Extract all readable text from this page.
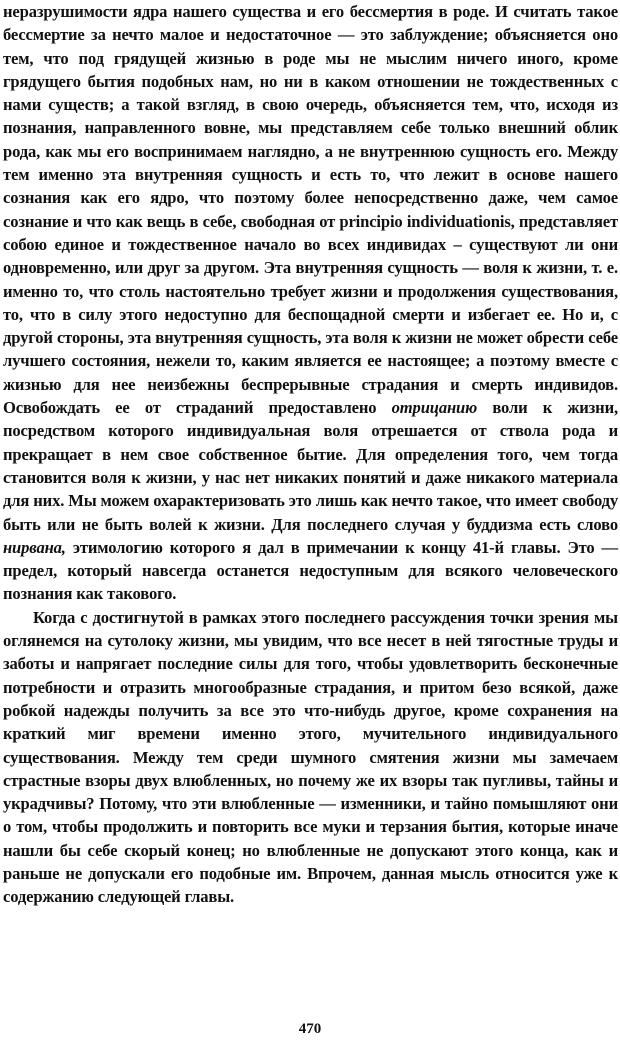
неразрушимости ядра нашего существа и его бессмертия в роде. И считать такое бессмертие за нечто малое и недостаточное — это заблуждение; объясняется оно тем, что под грядущей жизнью в роде мы не мыслим ничего иного, кроме грядущего бытия подобных нам, но ни в каком отношении не тождественных с нами существ; а такой взгляд, в свою очередь, объясняется тем, что, исходя из познания, направленного вовне, мы представляем себе только внешний облик рода, как мы его воспринимаем наглядно, а не внутреннюю сущность его. Между тем именно эта внутренняя сущность и есть то, что лежит в основе нашего сознания как его ядро, что поэтому более непосредственно даже, чем самое сознание и что как вещь в себе, свободная от principio individuationis, представляет собою единое и тождественное начало во всех индивидах – существуют ли они одновременно, или друг за другом. Эта внутренняя сущность — воля к жизни, т. е. именно то, что столь настоятельно требует жизни и продолжения существования, то, что в силу этого недоступно для беспощадной смерти и избегает ее. Но и, с другой стороны, эта внутренняя сущность, эта воля к жизни не может обрести себе лучшего состояния, нежели то, каким является ее настоящее; а поэтому вместе с жизнью для нее неизбежны беспрерывные страдания и смерть индивидов. Освобождать ее от страданий предоставлено отрицанию воли к жизни, посредством которого индивидуальная воля отрешается от ствола рода и прекращает в нем свое собственное бытие. Для определения того, чем тогда становится воля к жизни, у нас нет никаких понятий и даже никакого материала для них. Мы можем охарактеризовать это лишь как нечто такое, что имеет свободу быть или не быть волей к жизни. Для последнего случая у буддизма есть слово нирвана, этимологию которого я дал в примечании к концу 41-й главы. Это — предел, который навсегда останется недоступным для всякого человеческого познания как такового.

Когда с достигнутой в рамках этого последнего рассуждения точки зрения мы оглянемся на сутолоку жизни, мы увидим, что все несет в ней тягостные труды и заботы и напрягает последние силы для того, чтобы удовлетворить бесконечные потребности и отразить многообразные страдания, и притом безо всякой, даже робкой надежды получить за все это что-нибудь другое, кроме сохранения на краткий миг времени именно этого, мучительного индивидуального существования. Между тем среди шумного смятения жизни мы замечаем страстные взоры двух влюбленных, но почему же их взоры так пугливы, тайны и украдчивы? Потому, что эти влюбленные — изменники, и тайно помышляют они о том, чтобы продолжить и повторить все муки и терзания бытия, которые иначе нашли бы себе скорый конец; но влюбленные не допускают этого конца, как и раньше не допускали его подобные им. Впрочем, данная мысль относится уже к содержанию следующей главы.

470
